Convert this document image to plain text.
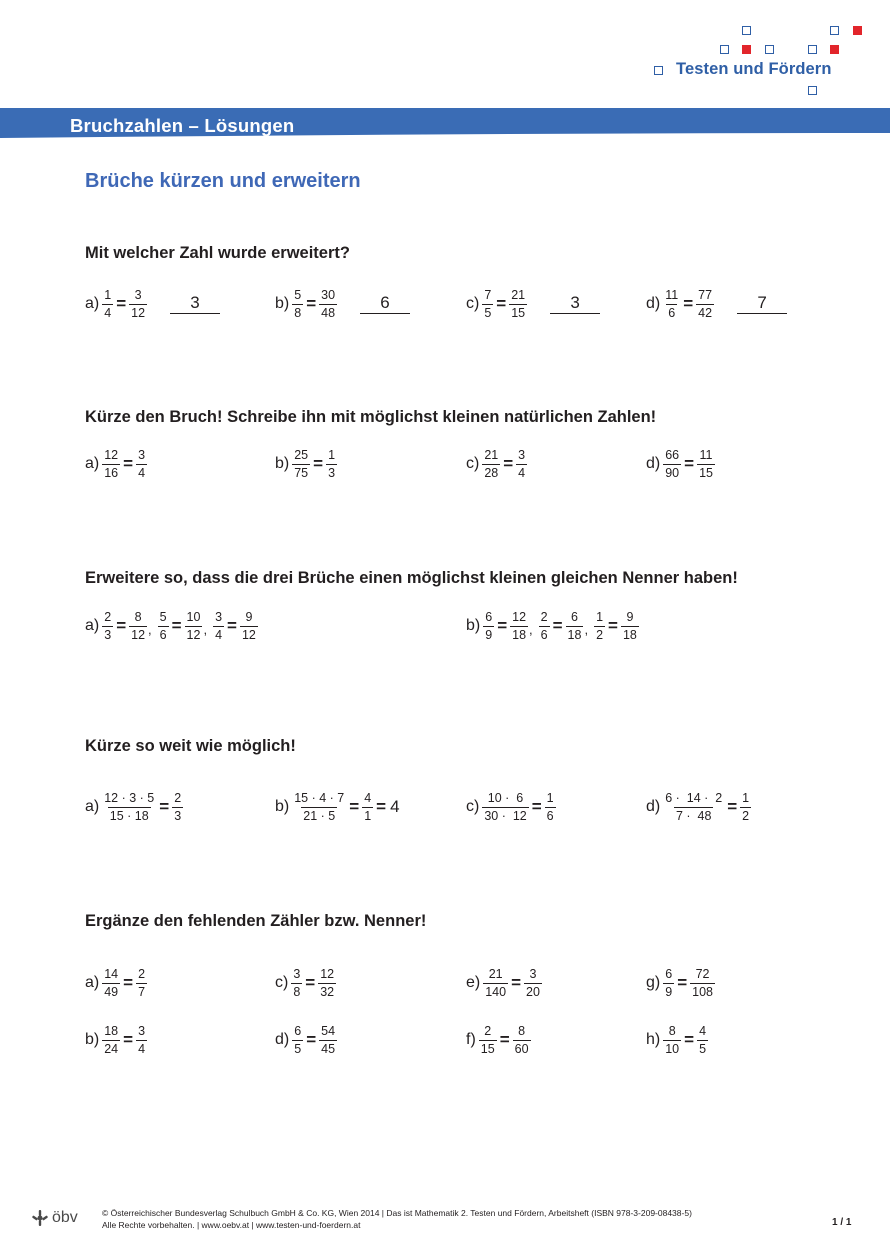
Testen und Fördern
Bruchzahlen – Lösungen
Brüche kürzen und erweitern
Mit welcher Zahl wurde erweitert?
$a) \frac{1}{4} = \frac{3}{12}$	3	$b) \frac{5}{8} = \frac{30}{48}$	6	$c) \frac{7}{5} = \frac{21}{15}$	3	$d) \frac{11}{6} = \frac{77}{42}$	7
Kürze den Bruch! Schreibe ihn mit möglichst kleinen natürlichen Zahlen!
$a) \frac{12}{16} = \frac{3}{4}$	$b) \frac{25}{75} = \frac{1}{3}$	$c) \frac{21}{28} = \frac{3}{4}$	$d) \frac{66}{90} = \frac{11}{15}$
Erweitere so, dass die drei Brüche einen möglichst kleinen gleichen Nenner haben!
$a) \frac{2}{3} = \frac{8}{12}$ , $\frac{5}{6} = \frac{10}{12}$ , $\frac{3}{4} = \frac{9}{12}$	$b) \frac{6}{9} = \frac{12}{18}$ , $\frac{2}{6} = \frac{6}{18}$ , $\frac{1}{2} = \frac{9}{18}$
Kürze so weit wie möglich!
$a) \frac{12 \cdot 3 \cdot 5}{15 \cdot 18} = \frac{2}{3}$	$b) \frac{15 \cdot 4 \cdot 7}{21 \cdot 5} = \frac{4}{1} = 4$	$c) \frac{10 \cdot 6}{30 \cdot 12} = \frac{1}{6}$	$d) \frac{6 \cdot 14 \cdot 2}{7 \cdot 48} = \frac{1}{2}$
Ergänze den fehlenden Zähler bzw. Nenner!
$a) \frac{14}{49} = \frac{2}{7}$	$c) \frac{3}{8} = \frac{12}{32}$	$e) \frac{21}{140} = \frac{3}{20}$	$g) \frac{6}{9} = \frac{72}{108}$
$b) \frac{18}{24} = \frac{3}{4}$	$d) \frac{6}{5} = \frac{54}{45}$	$f) \frac{2}{15} = \frac{8}{60}$	$h) \frac{8}{10} = \frac{4}{5}$
öbv	© Österreichischer Bundesverlag Schulbuch GmbH & Co. KG, Wien 2014 | Das ist Mathematik 2. Testen und Fördern, Arbeitsheft (ISBN 978-3-209-08438-5)
Alle Rechte vorbehalten. | www.oebv.at | www.testen-und-foerdern.at	1 / 1
